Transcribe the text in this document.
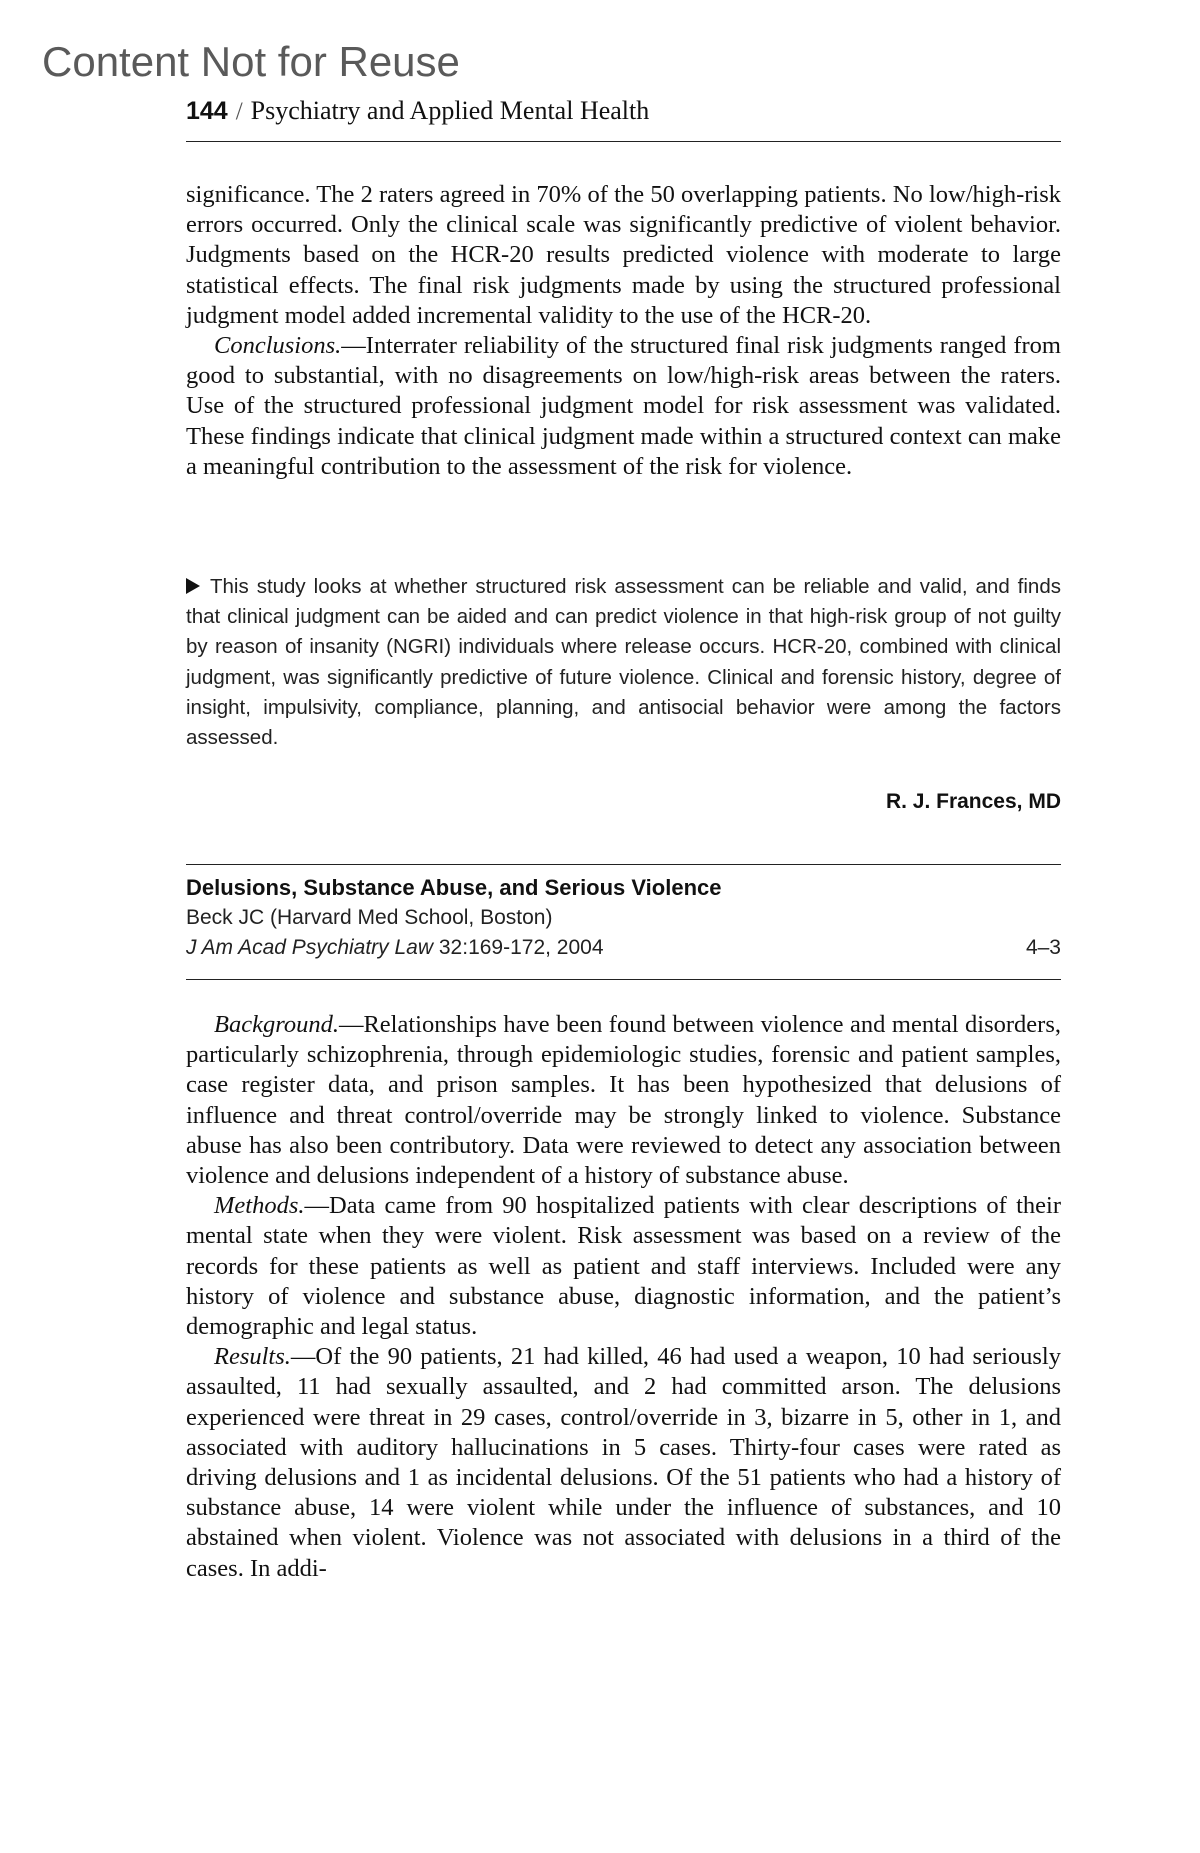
Content Not for Reuse
144 / Psychiatry and Applied Mental Health

significance. The 2 raters agreed in 70% of the 50 overlapping patients. No low/high-risk errors occurred. Only the clinical scale was significantly predictive of violent behavior. Judgments based on the HCR-20 results predicted violence with moderate to large statistical effects. The final risk judgments made by using the structured professional judgment model added incremental validity to the use of the HCR-20.

Conclusions.—Interrater reliability of the structured final risk judgments ranged from good to substantial, with no disagreements on low/high-risk areas between the raters. Use of the structured professional judgment model for risk assessment was validated. These findings indicate that clinical judgment made within a structured context can make a meaningful contribution to the assessment of the risk for violence.

This study looks at whether structured risk assessment can be reliable and valid, and finds that clinical judgment can be aided and can predict violence in that high-risk group of not guilty by reason of insanity (NGRI) individuals where release occurs. HCR-20, combined with clinical judgment, was significantly predictive of future violence. Clinical and forensic history, degree of insight, impulsivity, compliance, planning, and antisocial behavior were among the factors assessed.

R. J. Frances, MD

Delusions, Substance Abuse, and Serious Violence

Beck JC (Harvard Med School, Boston)

J Am Acad Psychiatry Law 32:169-172, 2004	4–3

Background.—Relationships have been found between violence and mental disorders, particularly schizophrenia, through epidemiologic studies, forensic and patient samples, case register data, and prison samples. It has been hypothesized that delusions of influence and threat control/override may be strongly linked to violence. Substance abuse has also been contributory. Data were reviewed to detect any association between violence and delusions independent of a history of substance abuse.

Methods.—Data came from 90 hospitalized patients with clear descriptions of their mental state when they were violent. Risk assessment was based on a review of the records for these patients as well as patient and staff interviews. Included were any history of violence and substance abuse, diagnostic information, and the patient’s demographic and legal status.

Results.—Of the 90 patients, 21 had killed, 46 had used a weapon, 10 had seriously assaulted, 11 had sexually assaulted, and 2 had committed arson. The delusions experienced were threat in 29 cases, control/override in 3, bizarre in 5, other in 1, and associated with auditory hallucinations in 5 cases. Thirty-four cases were rated as driving delusions and 1 as incidental delusions. Of the 51 patients who had a history of substance abuse, 14 were violent while under the influence of substances, and 10 abstained when violent. Violence was not associated with delusions in a third of the cases. In addi-
